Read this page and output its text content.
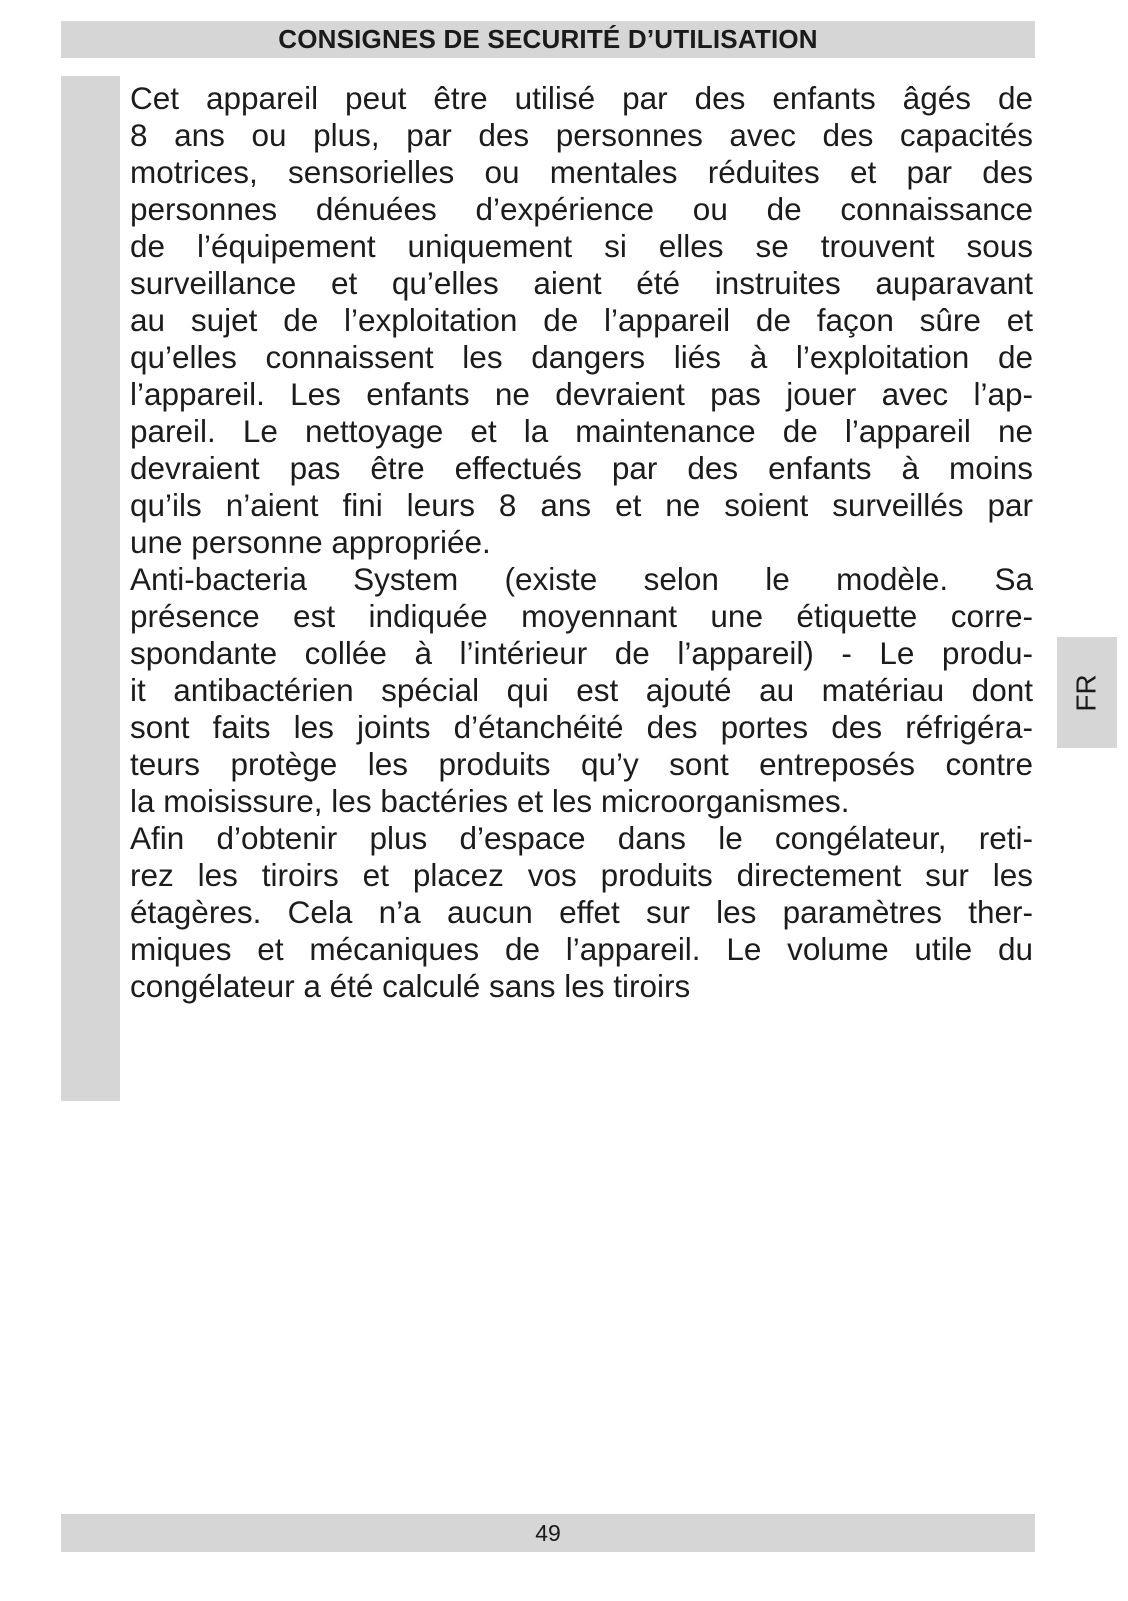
CONSIGNES DE SECURITÉ D’UTILISATION

Cet appareil peut être utilisé par des enfants âgés de
8 ans ou plus, par des personnes avec des capacités
motrices, sensorielles ou mentales réduites et par des
personnes dénuées d’expérience ou de connaissance
de l’équipement uniquement si elles se trouvent sous
surveillance et qu’elles aient été instruites auparavant
au sujet de l’exploitation de l’appareil de façon sûre et
qu’elles connaissent les dangers liés à l’exploitation de
l’appareil. Les enfants ne devraient pas jouer avec l’ap-
pareil. Le nettoyage et la maintenance de l’appareil ne
devraient pas être effectués par des enfants à moins
qu’ils n’aient fini leurs 8 ans et ne soient surveillés par
une personne appropriée.

Anti-bacteria System (existe selon le modèle. Sa
présence est indiquée moyennant une étiquette corre-
spondante collée à l’intérieur de l’appareil) - Le produ-
it antibactérien spécial qui est ajouté au matériau dont
sont faits les joints d’étanchéité des portes des réfrigéra-
teurs protège les produits qu’y sont entreposés contre
la moisissure, les bactéries et les microorganismes.

Afin d’obtenir plus d’espace dans le congélateur, reti-
rez les tiroirs et placez vos produits directement sur les
étagères. Cela n’a aucun effet sur les paramètres ther-
miques et mécaniques de l’appareil. Le volume utile du
congélateur a été calculé sans les tiroirs

FR
49
